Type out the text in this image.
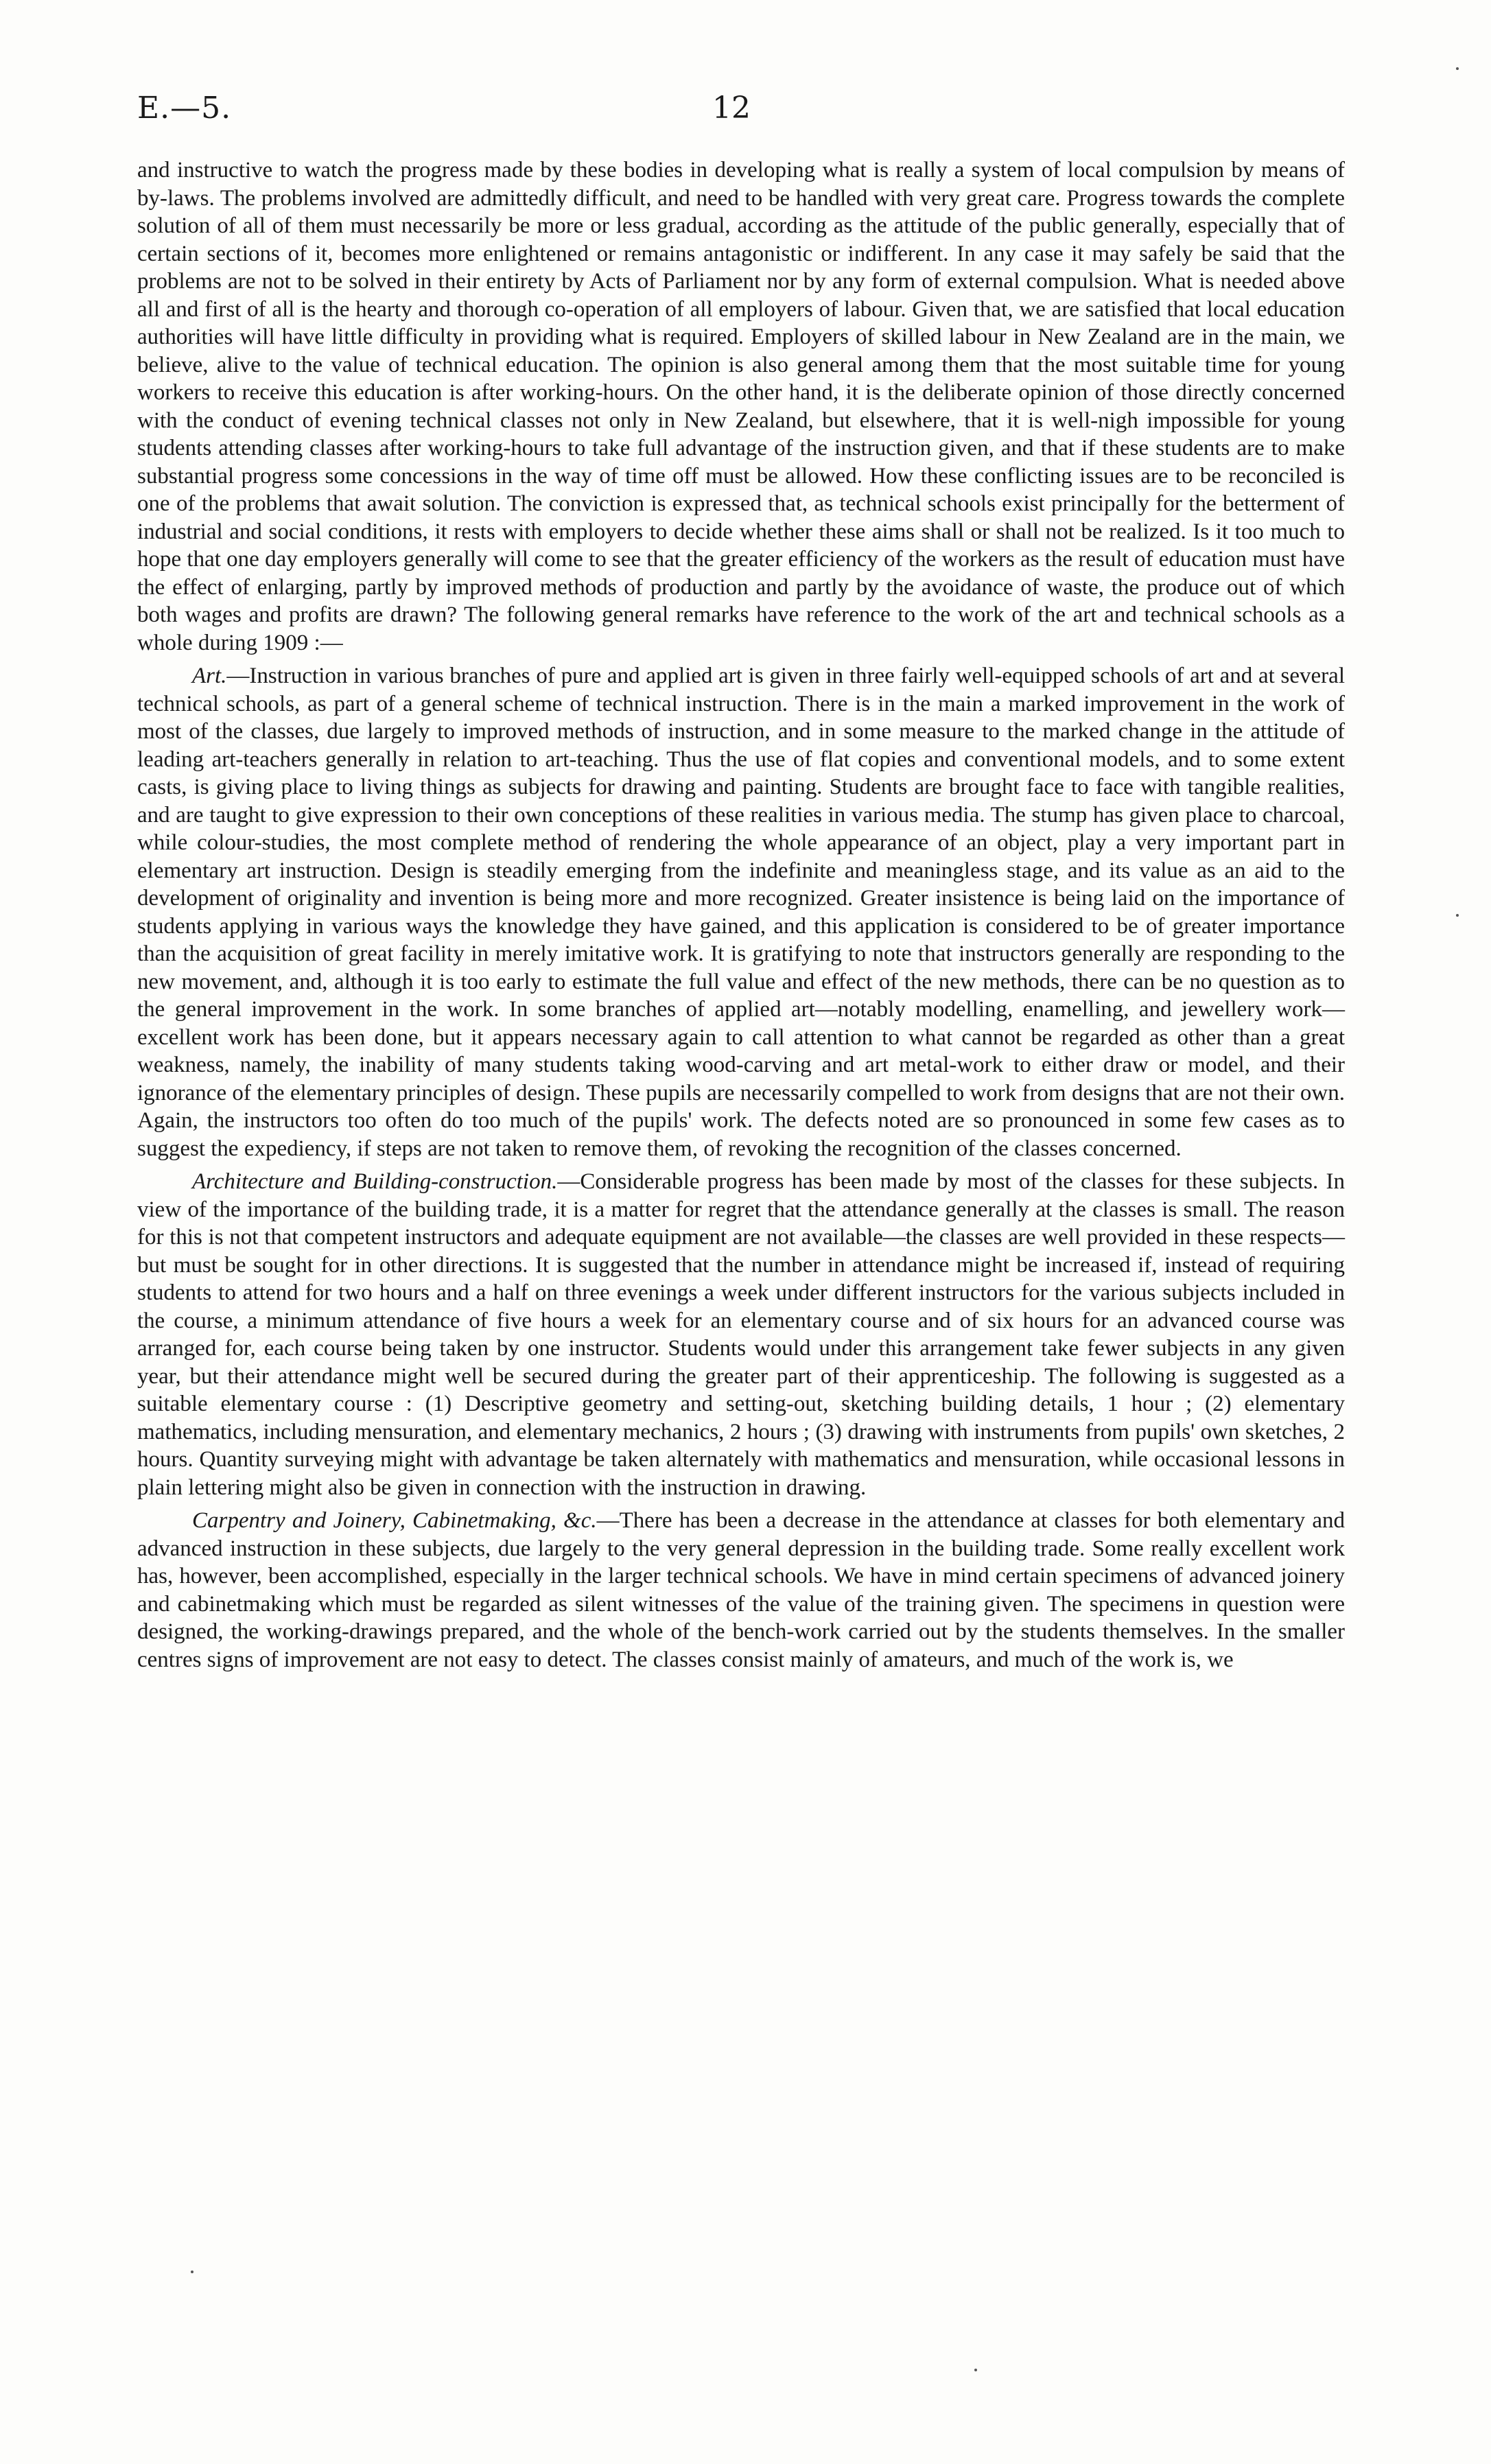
E.—5.	12

and instructive to watch the progress made by these bodies in developing what is really a system of local compulsion by means of by-laws. The problems involved are admittedly difficult, and need to be handled with very great care. Progress towards the complete solution of all of them must necessarily be more or less gradual, according as the attitude of the public generally, especially that of certain sections of it, becomes more enlightened or remains antagonistic or indifferent. In any case it may safely be said that the problems are not to be solved in their entirety by Acts of Parliament nor by any form of external compulsion. What is needed above all and first of all is the hearty and thorough co-operation of all employers of labour. Given that, we are satisfied that local education authorities will have little difficulty in providing what is required. Employers of skilled labour in New Zealand are in the main, we believe, alive to the value of technical education. The opinion is also general among them that the most suitable time for young workers to receive this education is after working-hours. On the other hand, it is the deliberate opinion of those directly concerned with the conduct of evening technical classes not only in New Zealand, but elsewhere, that it is well-nigh impossible for young students attending classes after working-hours to take full advantage of the instruction given, and that if these students are to make substantial progress some concessions in the way of time off must be allowed. How these conflicting issues are to be reconciled is one of the problems that await solution. The conviction is expressed that, as technical schools exist principally for the betterment of industrial and social conditions, it rests with employers to decide whether these aims shall or shall not be realized. Is it too much to hope that one day employers generally will come to see that the greater efficiency of the workers as the result of education must have the effect of enlarging, partly by improved methods of production and partly by the avoidance of waste, the produce out of which both wages and profits are drawn? The following general remarks have reference to the work of the art and technical schools as a whole during 1909 :—

Art.—Instruction in various branches of pure and applied art is given in three fairly well-equipped schools of art and at several technical schools, as part of a general scheme of technical instruction. There is in the main a marked improvement in the work of most of the classes, due largely to improved methods of instruction, and in some measure to the marked change in the attitude of leading art-teachers generally in relation to art-teaching. Thus the use of flat copies and conventional models, and to some extent casts, is giving place to living things as subjects for drawing and painting. Students are brought face to face with tangible realities, and are taught to give expression to their own conceptions of these realities in various media. The stump has given place to charcoal, while colour-studies, the most complete method of rendering the whole appearance of an object, play a very important part in elementary art instruction. Design is steadily emerging from the indefinite and meaningless stage, and its value as an aid to the development of originality and invention is being more and more recognized. Greater insistence is being laid on the importance of students applying in various ways the knowledge they have gained, and this application is considered to be of greater importance than the acquisition of great facility in merely imitative work. It is gratifying to note that instructors generally are responding to the new movement, and, although it is too early to estimate the full value and effect of the new methods, there can be no question as to the general improvement in the work. In some branches of applied art—notably modelling, enamelling, and jewellery work—excellent work has been done, but it appears necessary again to call attention to what cannot be regarded as other than a great weakness, namely, the inability of many students taking wood-carving and art metal-work to either draw or model, and their ignorance of the elementary principles of design. These pupils are necessarily compelled to work from designs that are not their own. Again, the instructors too often do too much of the pupils' work. The defects noted are so pronounced in some few cases as to suggest the expediency, if steps are not taken to remove them, of revoking the recognition of the classes concerned.

Architecture and Building-construction.—Considerable progress has been made by most of the classes for these subjects. In view of the importance of the building trade, it is a matter for regret that the attendance generally at the classes is small. The reason for this is not that competent instructors and adequate equipment are not available—the classes are well provided in these respects—but must be sought for in other directions. It is suggested that the number in attendance might be increased if, instead of requiring students to attend for two hours and a half on three evenings a week under different instructors for the various subjects included in the course, a minimum attendance of five hours a week for an elementary course and of six hours for an advanced course was arranged for, each course being taken by one instructor. Students would under this arrangement take fewer subjects in any given year, but their attendance might well be secured during the greater part of their apprenticeship. The following is suggested as a suitable elementary course : (1) Descriptive geometry and setting-out, sketching building details, 1 hour ; (2) elementary mathematics, including mensuration, and elementary mechanics, 2 hours ; (3) drawing with instruments from pupils' own sketches, 2 hours. Quantity surveying might with advantage be taken alternately with mathematics and mensuration, while occasional lessons in plain lettering might also be given in connection with the instruction in drawing.

Carpentry and Joinery, Cabinetmaking, &c.—There has been a decrease in the attendance at classes for both elementary and advanced instruction in these subjects, due largely to the very general depression in the building trade. Some really excellent work has, however, been accomplished, especially in the larger technical schools. We have in mind certain specimens of advanced joinery and cabinetmaking which must be regarded as silent witnesses of the value of the training given. The specimens in question were designed, the working-drawings prepared, and the whole of the bench-work carried out by the students themselves. In the smaller centres signs of improvement are not easy to detect. The classes consist mainly of amateurs, and much of the work is, we
